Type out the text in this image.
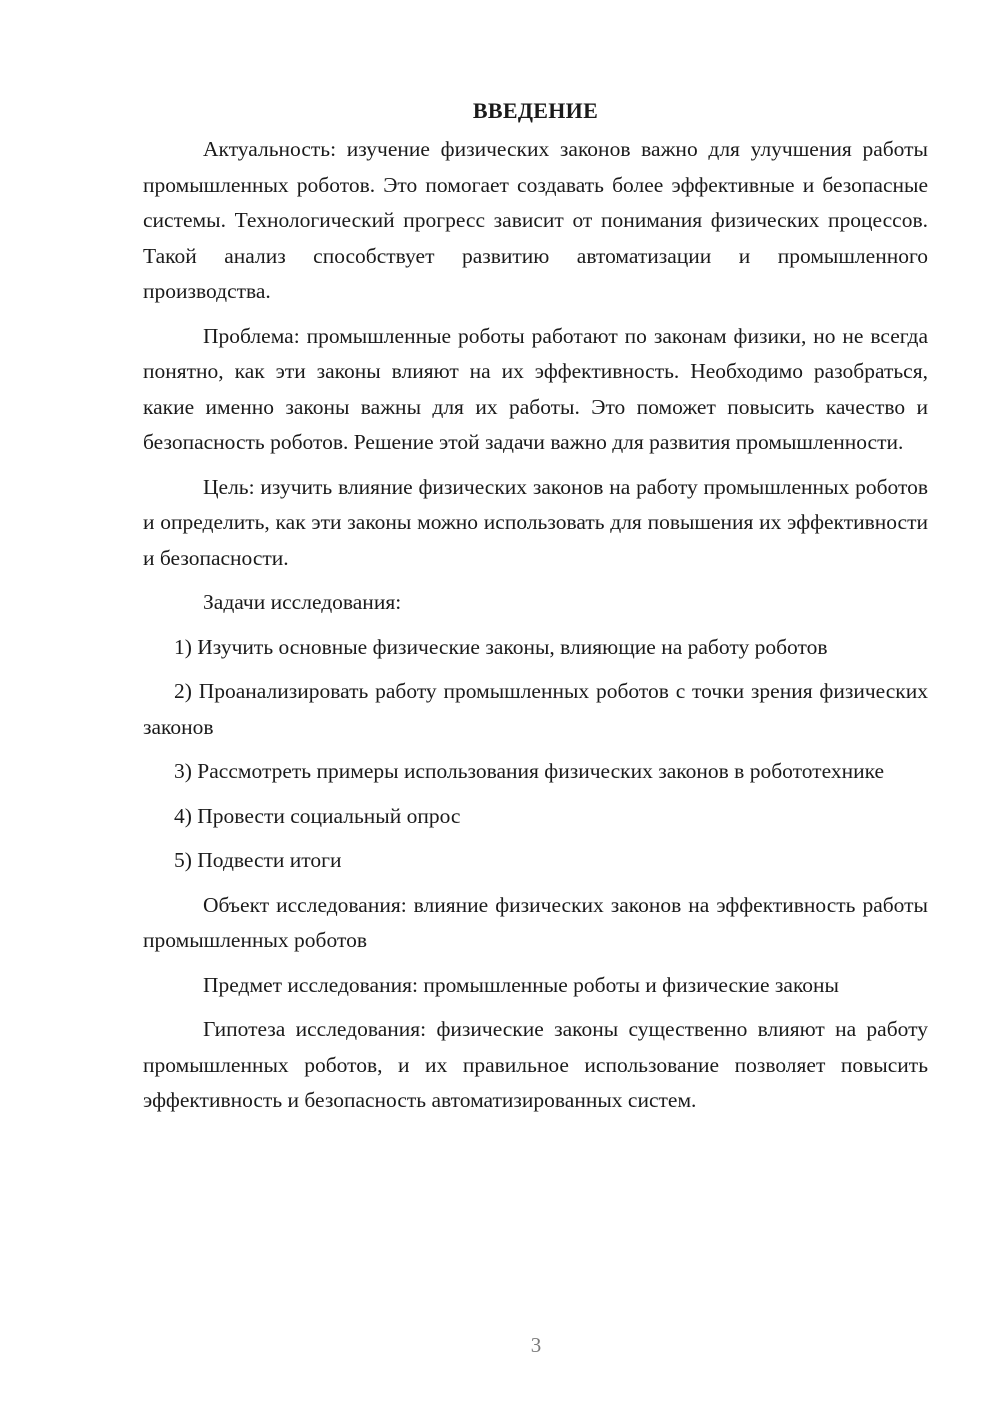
ВВЕДЕНИЕ

Актуальность: изучение физических законов важно для улучшения работы промышленных роботов. Это помогает создавать более эффективные и безопасные системы. Технологический прогресс зависит от понимания физических процессов. Такой анализ способствует развитию автоматизации и промышленного производства.

Проблема: промышленные роботы работают по законам физики, но не всегда понятно, как эти законы влияют на их эффективность. Необходимо разобраться, какие именно законы важны для их работы. Это поможет повысить качество и безопасность роботов. Решение этой задачи важно для развития промышленности.

Цель: изучить влияние физических законов на работу промышленных роботов и определить, как эти законы можно использовать для повышения их эффективности и безопасности.

Задачи исследования:

1) Изучить основные физические законы, влияющие на работу роботов

2) Проанализировать работу промышленных роботов с точки зрения физических законов

3) Рассмотреть примеры использования физических законов в робототехнике

4) Провести социальный опрос

5) Подвести итоги

Объект исследования: влияние физических законов на эффективность работы промышленных роботов

Предмет исследования: промышленные роботы и физические законы

Гипотеза исследования: физические законы существенно влияют на работу промышленных роботов, и их правильное использование позволяет повысить эффективность и безопасность автоматизированных систем.

3
